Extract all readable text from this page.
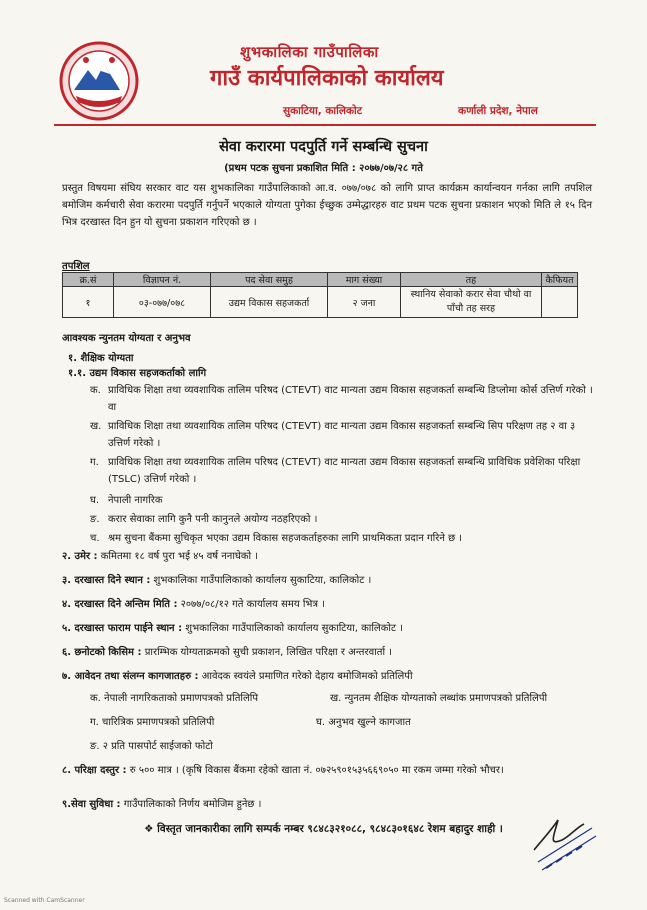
शुभकालिका गाउँपालिका
गाउँ कार्यपालिकाको कार्यालय
सुकाटिया, कालिकोट	कर्णाली प्रदेश, नेपाल
सेवा करारमा पदपुर्ति गर्ने सम्बन्धि सुचना
(प्रथम पटक सुचना प्रकाशित मिति : २०७७/०७/२८ गते
प्रस्तुत विषयमा संघिय सरकार वाट यस शुभकालिका गाउँपालिकाको आ.व. ०७७/०७८ को लागि प्राप्त कार्यक्रम कार्यान्वयन गर्नका लागि तपशिल बमोजिम कर्मचारी सेवा करारमा पदपुर्ति गर्नुपर्ने भएकाले योग्यता पुगेका ईच्छुक उम्मेद्धारहरु वाट प्रथम पटक सुचना प्रकाशन भएको मिति ले १५ दिन भित्र दरखास्त दिन हुन यो सुचना प्रकाशन गरिएको छ ।
तपशिल
क्र.सं	विज्ञापन नं.	पद सेवा समुह	माग संख्या	तह	कैफियत
१	०३-०७७/०७८	उद्यम विकास सहजकर्ता	२ जना	स्थानिय सेवाको करार सेवा चौथो वा पाँचौ तह सरह	
आवश्यक न्युनतम योग्यता र अनुभव
१. शैक्षिक योग्यता
१.१. उद्यम विकास सहजकर्ताको लागि
क. प्राविधिक शिक्षा तथा व्यवशायिक तालिम परिषद (CTEVT) वाट मान्यता उद्यम विकास सहजकर्ता सम्बन्धि डिप्लोमा कोर्स उत्तिर्ण गरेको । वा
ख. प्राविधिक शिक्षा तथा व्यवशायिक तालिम परिषद (CTEVT) वाट मान्यता उद्यम विकास सहजकर्ता सम्बन्धि सिप परिक्षण तह २ वा ३ उत्तिर्ण गरेको ।
ग. प्राविधिक शिक्षा तथा व्यवशायिक तालिम परिषद (CTEVT) वाट मान्यता उद्यम विकास सहजकर्ता सम्बन्धि प्राविधिक प्रवेशिका परिक्षा (TSLC) उत्तिर्ण गरेको ।
घ. नेपाली नागरिक
ङ. करार सेवाका लागि कुनै पनी कानुनले अयोग्य नठहरिएको ।
च. श्रम सुचना बैंकमा सुचिकृत भएका उद्यम विकास सहजकर्ताहरुका लागि प्राथमिकता प्रदान गरिने छ ।
२. उमेर : कमितमा १८ वर्ष पुरा भई ४५ वर्ष ननाघेको ।
३. दरखास्त दिने स्थान : शुभकालिका गाउँपालिकाको कार्यालय सुकाटिया, कालिकोट ।
४. दरखास्त दिने अन्तिम मिति : २०७७/०८/१२ गते कार्यालय समय भित्र ।
५. दरखास्त फाराम पाईने स्थान : शुभकालिका गाउँपालिकाको कार्यालय सुकाटिया, कालिकोट ।
६. छनोटको किसिम : प्रारम्भिक योग्यताक्रमको सुची प्रकाशन, लिखित परिक्षा र अन्तरवार्ता ।
७. आवेदन तथा संलग्न कागजातहरु : आवेदक स्वयंले प्रमाणित गरेको देहाय बमोजिमको प्रतिलिपी
क. नेपाली नागरिकताको प्रमाणपत्रको प्रतिलिपि	ख. न्युनतम शैक्षिक योग्यताको लब्धांक प्रमाणपत्रको प्रतिलिपी
ग. चारित्रिक प्रमाणपत्रको प्रतिलिपी	घ. अनुभव खुल्ने कागजात
ङ. २ प्रति पासपोर्ट साईजको फोटो
८. परिक्षा दस्तुर : रु ५०० मात्र । (कृषि विकास बैंकमा रहेको खाता नं. ०७२५९०१५३५६६९०५० मा रकम जम्मा गरेको भौचर।
९.सेवा सुविधा : गाउँपालिकाको निर्णय बमोजिम हुनेछ ।
❖ विस्तृत जानकारीका लागि सम्पर्क नम्बर ९८४८३२१०८८, ९८४८३०१६४८ रेशम बहादुर शाही ।
Scanned with CamScanner
